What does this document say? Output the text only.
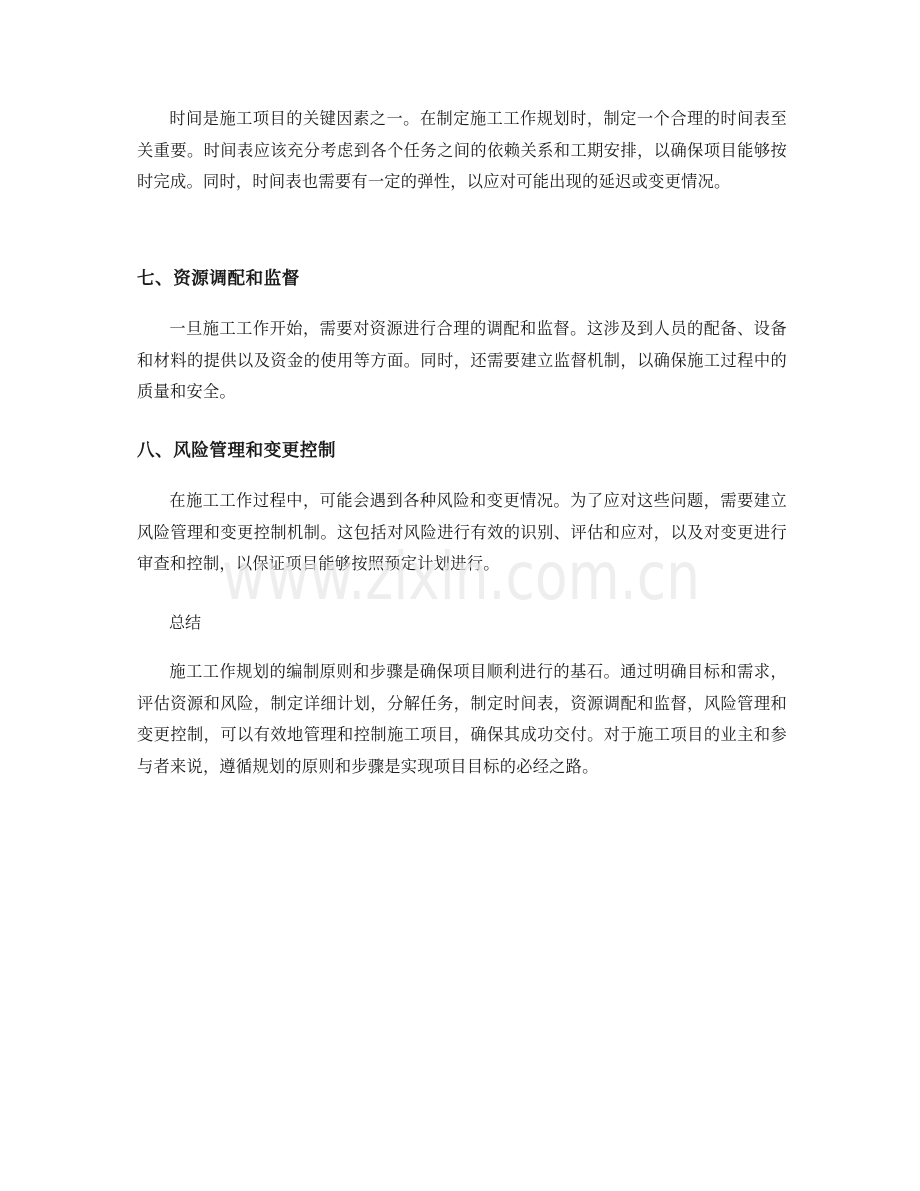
时间是施工项目的关键因素之一。在制定施工工作规划时，制定一个合理的时间表至关重要。时间表应该充分考虑到各个任务之间的依赖关系和工期安排，以确保项目能够按时完成。同时，时间表也需要有一定的弹性，以应对可能出现的延迟或变更情况。

七、资源调配和监督

一旦施工工作开始，需要对资源进行合理的调配和监督。这涉及到人员的配备、设备和材料的提供以及资金的使用等方面。同时，还需要建立监督机制，以确保施工过程中的质量和安全。

八、风险管理和变更控制

在施工工作过程中，可能会遇到各种风险和变更情况。为了应对这些问题，需要建立风险管理和变更控制机制。这包括对风险进行有效的识别、评估和应对，以及对变更进行审查和控制，以保证项目能够按照预定计划进行。

总结

施工工作规划的编制原则和步骤是确保项目顺利进行的基石。通过明确目标和需求，评估资源和风险，制定详细计划，分解任务，制定时间表，资源调配和监督，风险管理和变更控制，可以有效地管理和控制施工项目，确保其成功交付。对于施工项目的业主和参与者来说，遵循规划的原则和步骤是实现项目目标的必经之路。

www.zixin.com.cn
